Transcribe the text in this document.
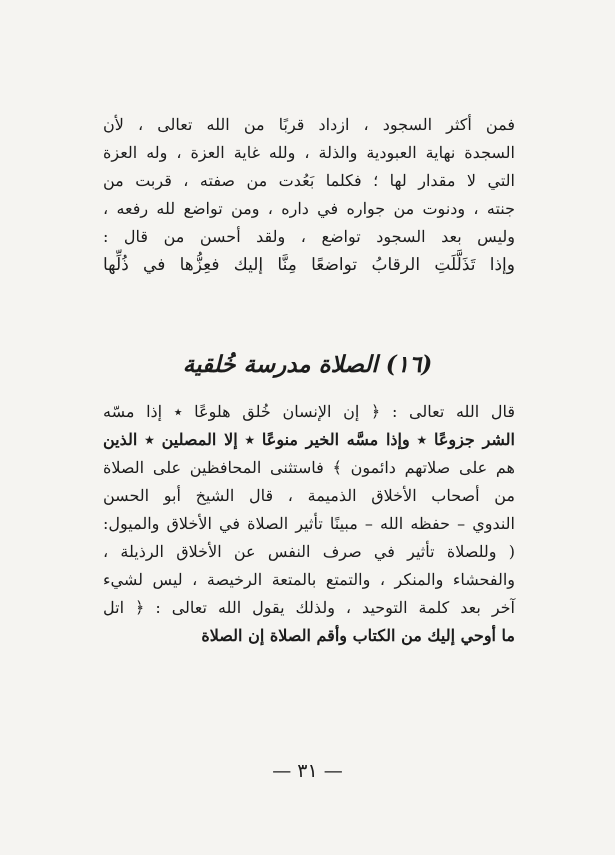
فمن أكثر السجود ، ازداد قربًا من الله تعالى ، لأن
السجدة نهاية العبودية والذلة ، ولله غاية العزة ، وله العزة
التي لا مقدار لها ؛ فكلما بَعُدت من صفته ، قربت من
جنته ، ودنوت من جواره في داره ، ومن تواضع لله رفعه ،
وليس بعد السجود تواضع ، ولقد أحسن من قال :
وإذا تَذَلَّلَتِ الرقابُ تواضعًا مِنَّا إليك فعِزُّها في ذُلِّها
(١٦) الصلاة مدرسة خُلقية
قال الله تعالى : ﴿ إن الإنسان خُلق هلوعًا ٭ إذا مسّه
الشر جزوعًا ٭ وإذا مسَّه الخير منوعًا ٭ إلا المصلين ٭ الذين
هم على صلاتهم دائمون ﴾ فاستثنى المحافظين على الصلاة
من أصحاب الأخلاق الذميمة ، قال الشيخ أبو الحسن
الندوي – حفظه الله – مبينًا تأثير الصلاة في الأخلاق والميول:
( وللصلاة تأثير في صرف النفس عن الأخلاق الرذيلة ،
والفحشاء والمنكر ، والتمتع بالمتعة الرخيصة ، ليس لشيء
آخر بعد كلمة التوحيد ، ولذلك يقول الله تعالى : ﴿ اتل
ما أوحي إليك من الكتاب وأقم الصلاة إن الصلاة
— ٣١ —
